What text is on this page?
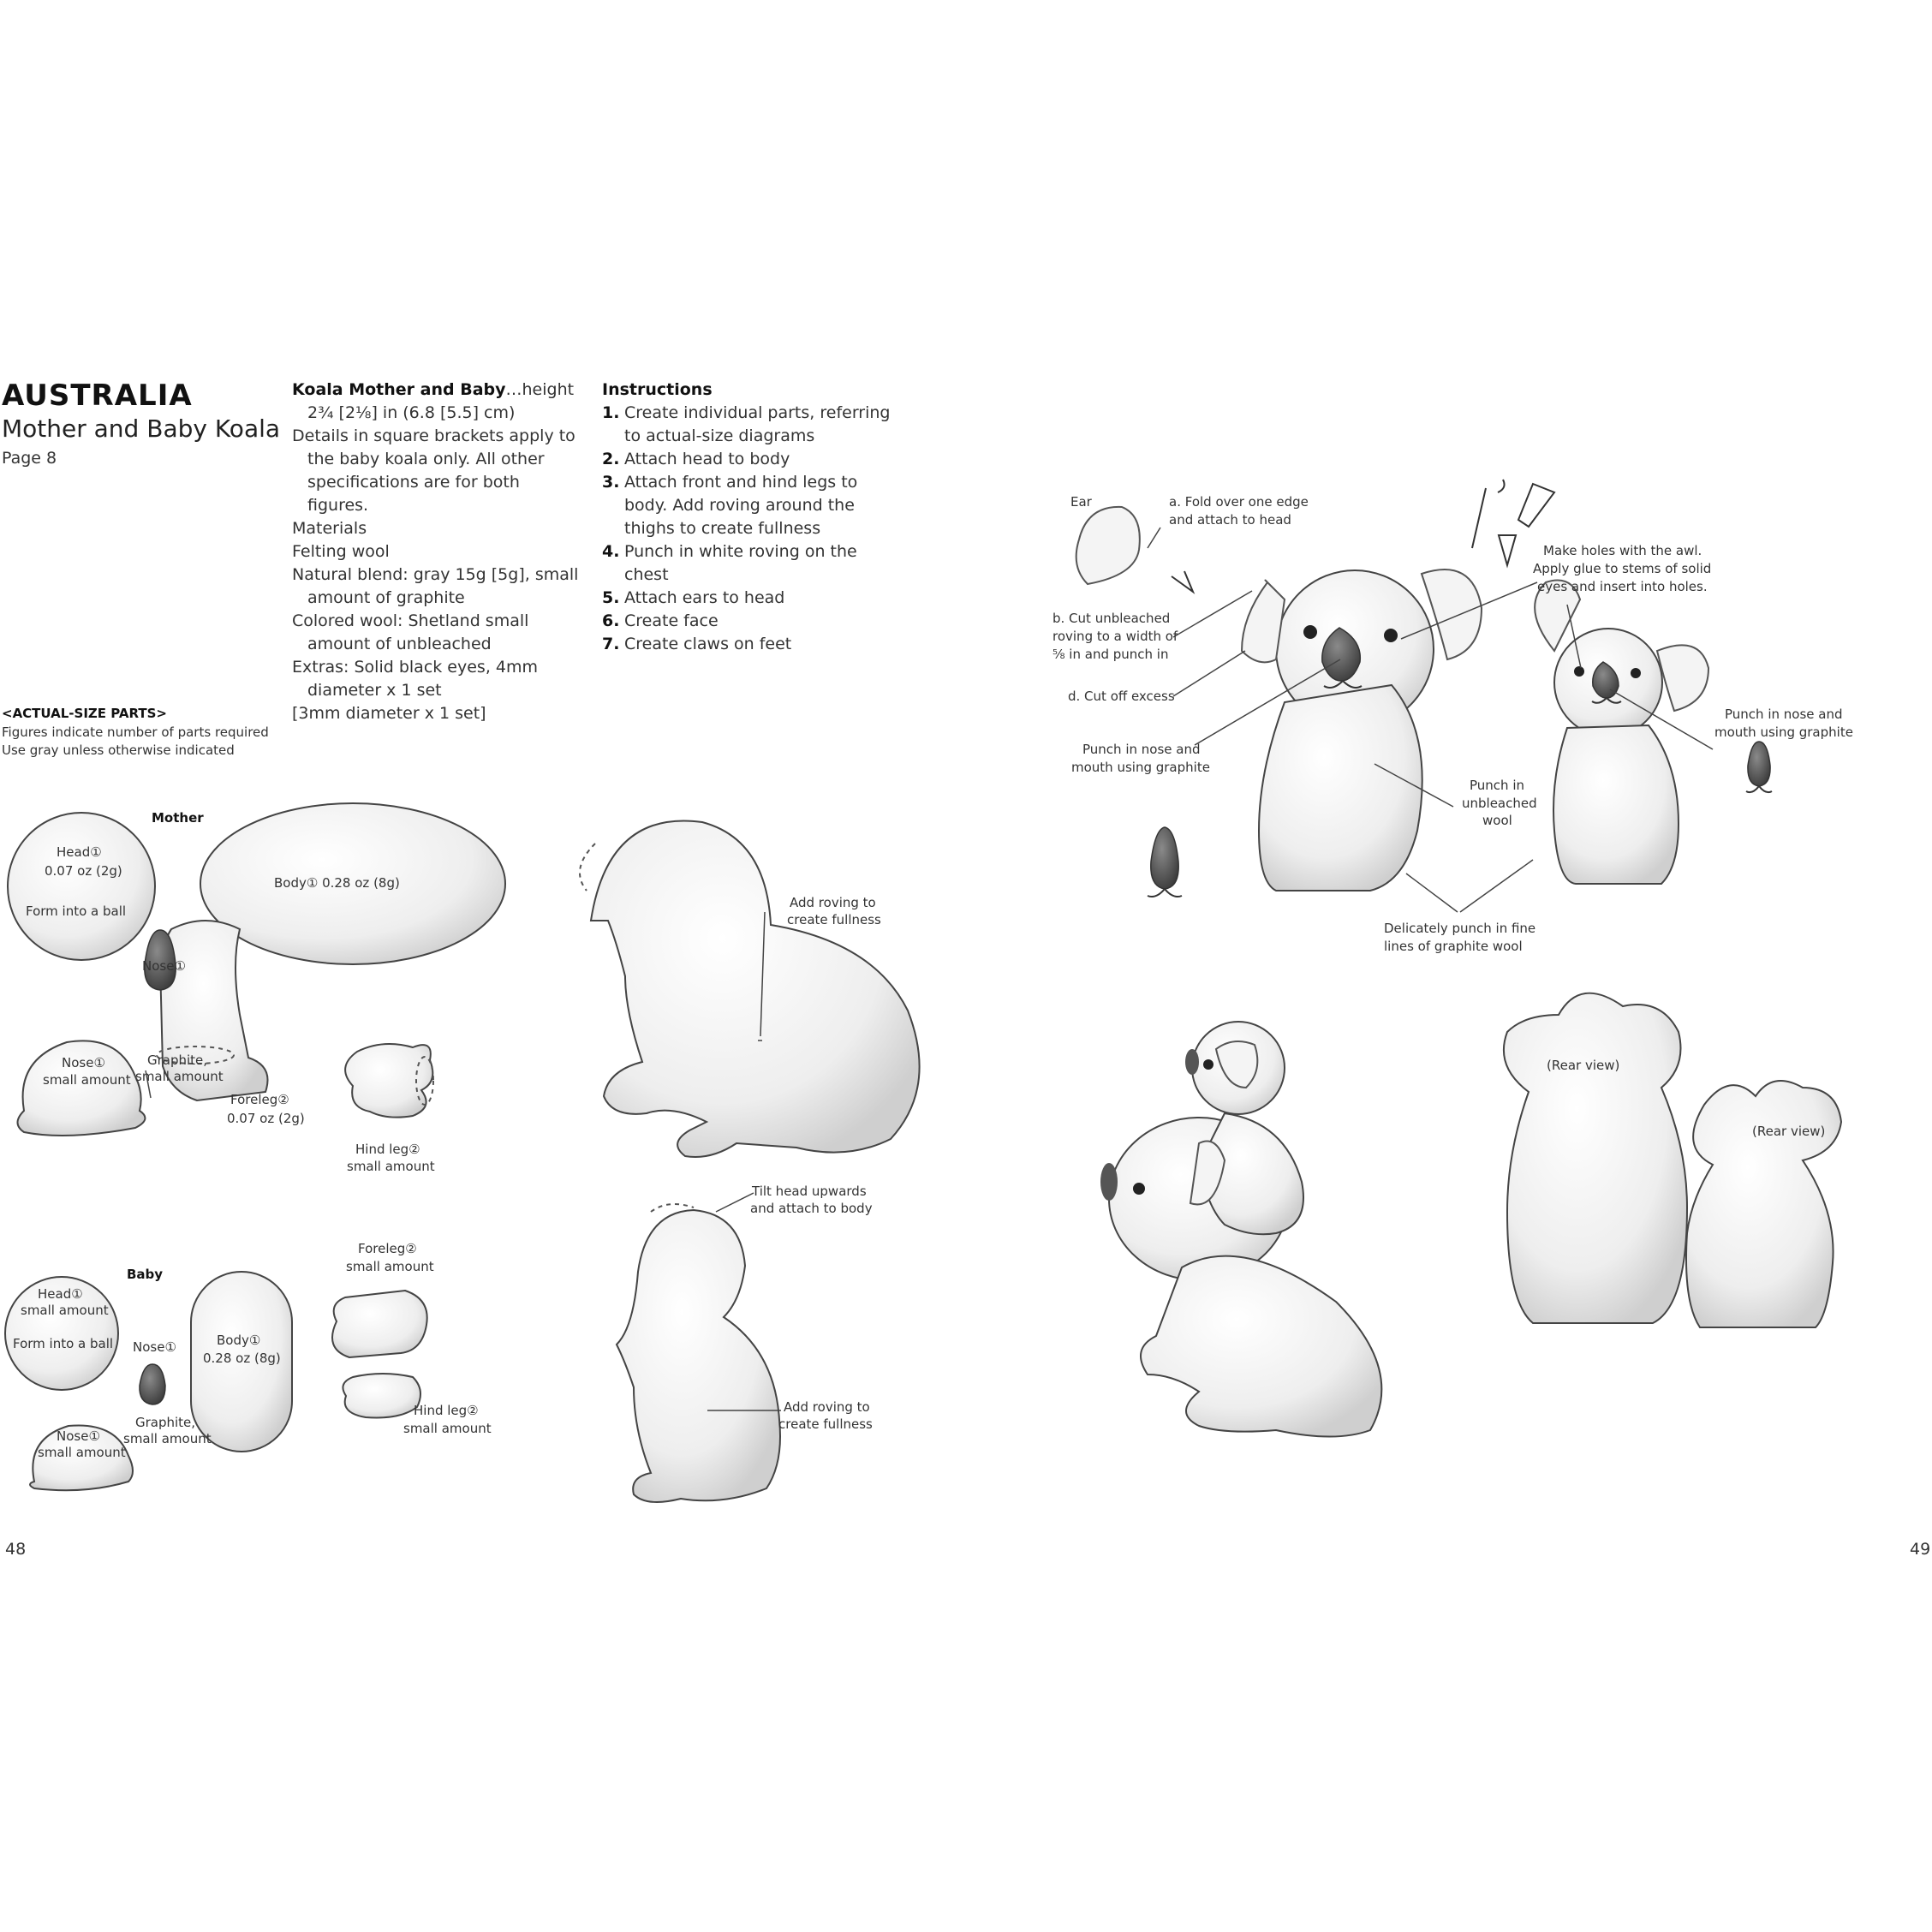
AUSTRALIA
Mother and Baby Koala
Page 8
Koala Mother and Baby…height 2¾ [2⅛] in (6.8 [5.5] cm)
Details in square brackets apply to the baby koala only. All other specifications are for both figures.
Materials
Felting wool
Natural blend: gray 15g [5g], small amount of graphite
Colored wool: Shetland small amount of unbleached
Extras: Solid black eyes, 4mm diameter x 1 set
[3mm diameter x 1 set]
Instructions
1. Create individual parts, referring to actual-size diagrams
2. Attach head to body
3. Attach front and hind legs to body. Add roving around the thighs to create fullness
4. Punch in white roving on the chest
5. Attach ears to head
6. Create face
7. Create claws on feet
<ACTUAL-SIZE PARTS>
Figures indicate number of parts required
Use gray unless otherwise indicated
Mother
Head①
0.07 oz (2g)
Form into a ball
Body① 0.28 oz (8g)
Nose①
Graphite,
small amount
Nose①
small amount
Foreleg②
0.07 oz (2g)
Hind leg②
small amount
Baby
Head①
small amount
Form into a ball Nose①	Body①
0.28 oz (8g)
Graphite,
small amount
Nose①
small amount
Foreleg②
small amount
Hind leg②
small amount
Add roving to
create fullness
Tilt head upwards
and attach to body
Add roving to
create fullness
48
Ear	a. Fold over one edge
and attach to head
b. Cut unbleached
roving to a width of
⅝ in and punch in
d. Cut off excess
Punch in nose and
mouth using graphite
Make holes with the awl.
Apply glue to stems of solid
eyes and insert into holes.
Punch in
unbleached
wool
Punch in nose and
mouth using graphite
Delicately punch in fine
lines of graphite wool
(Rear view)
(Rear view)
49
